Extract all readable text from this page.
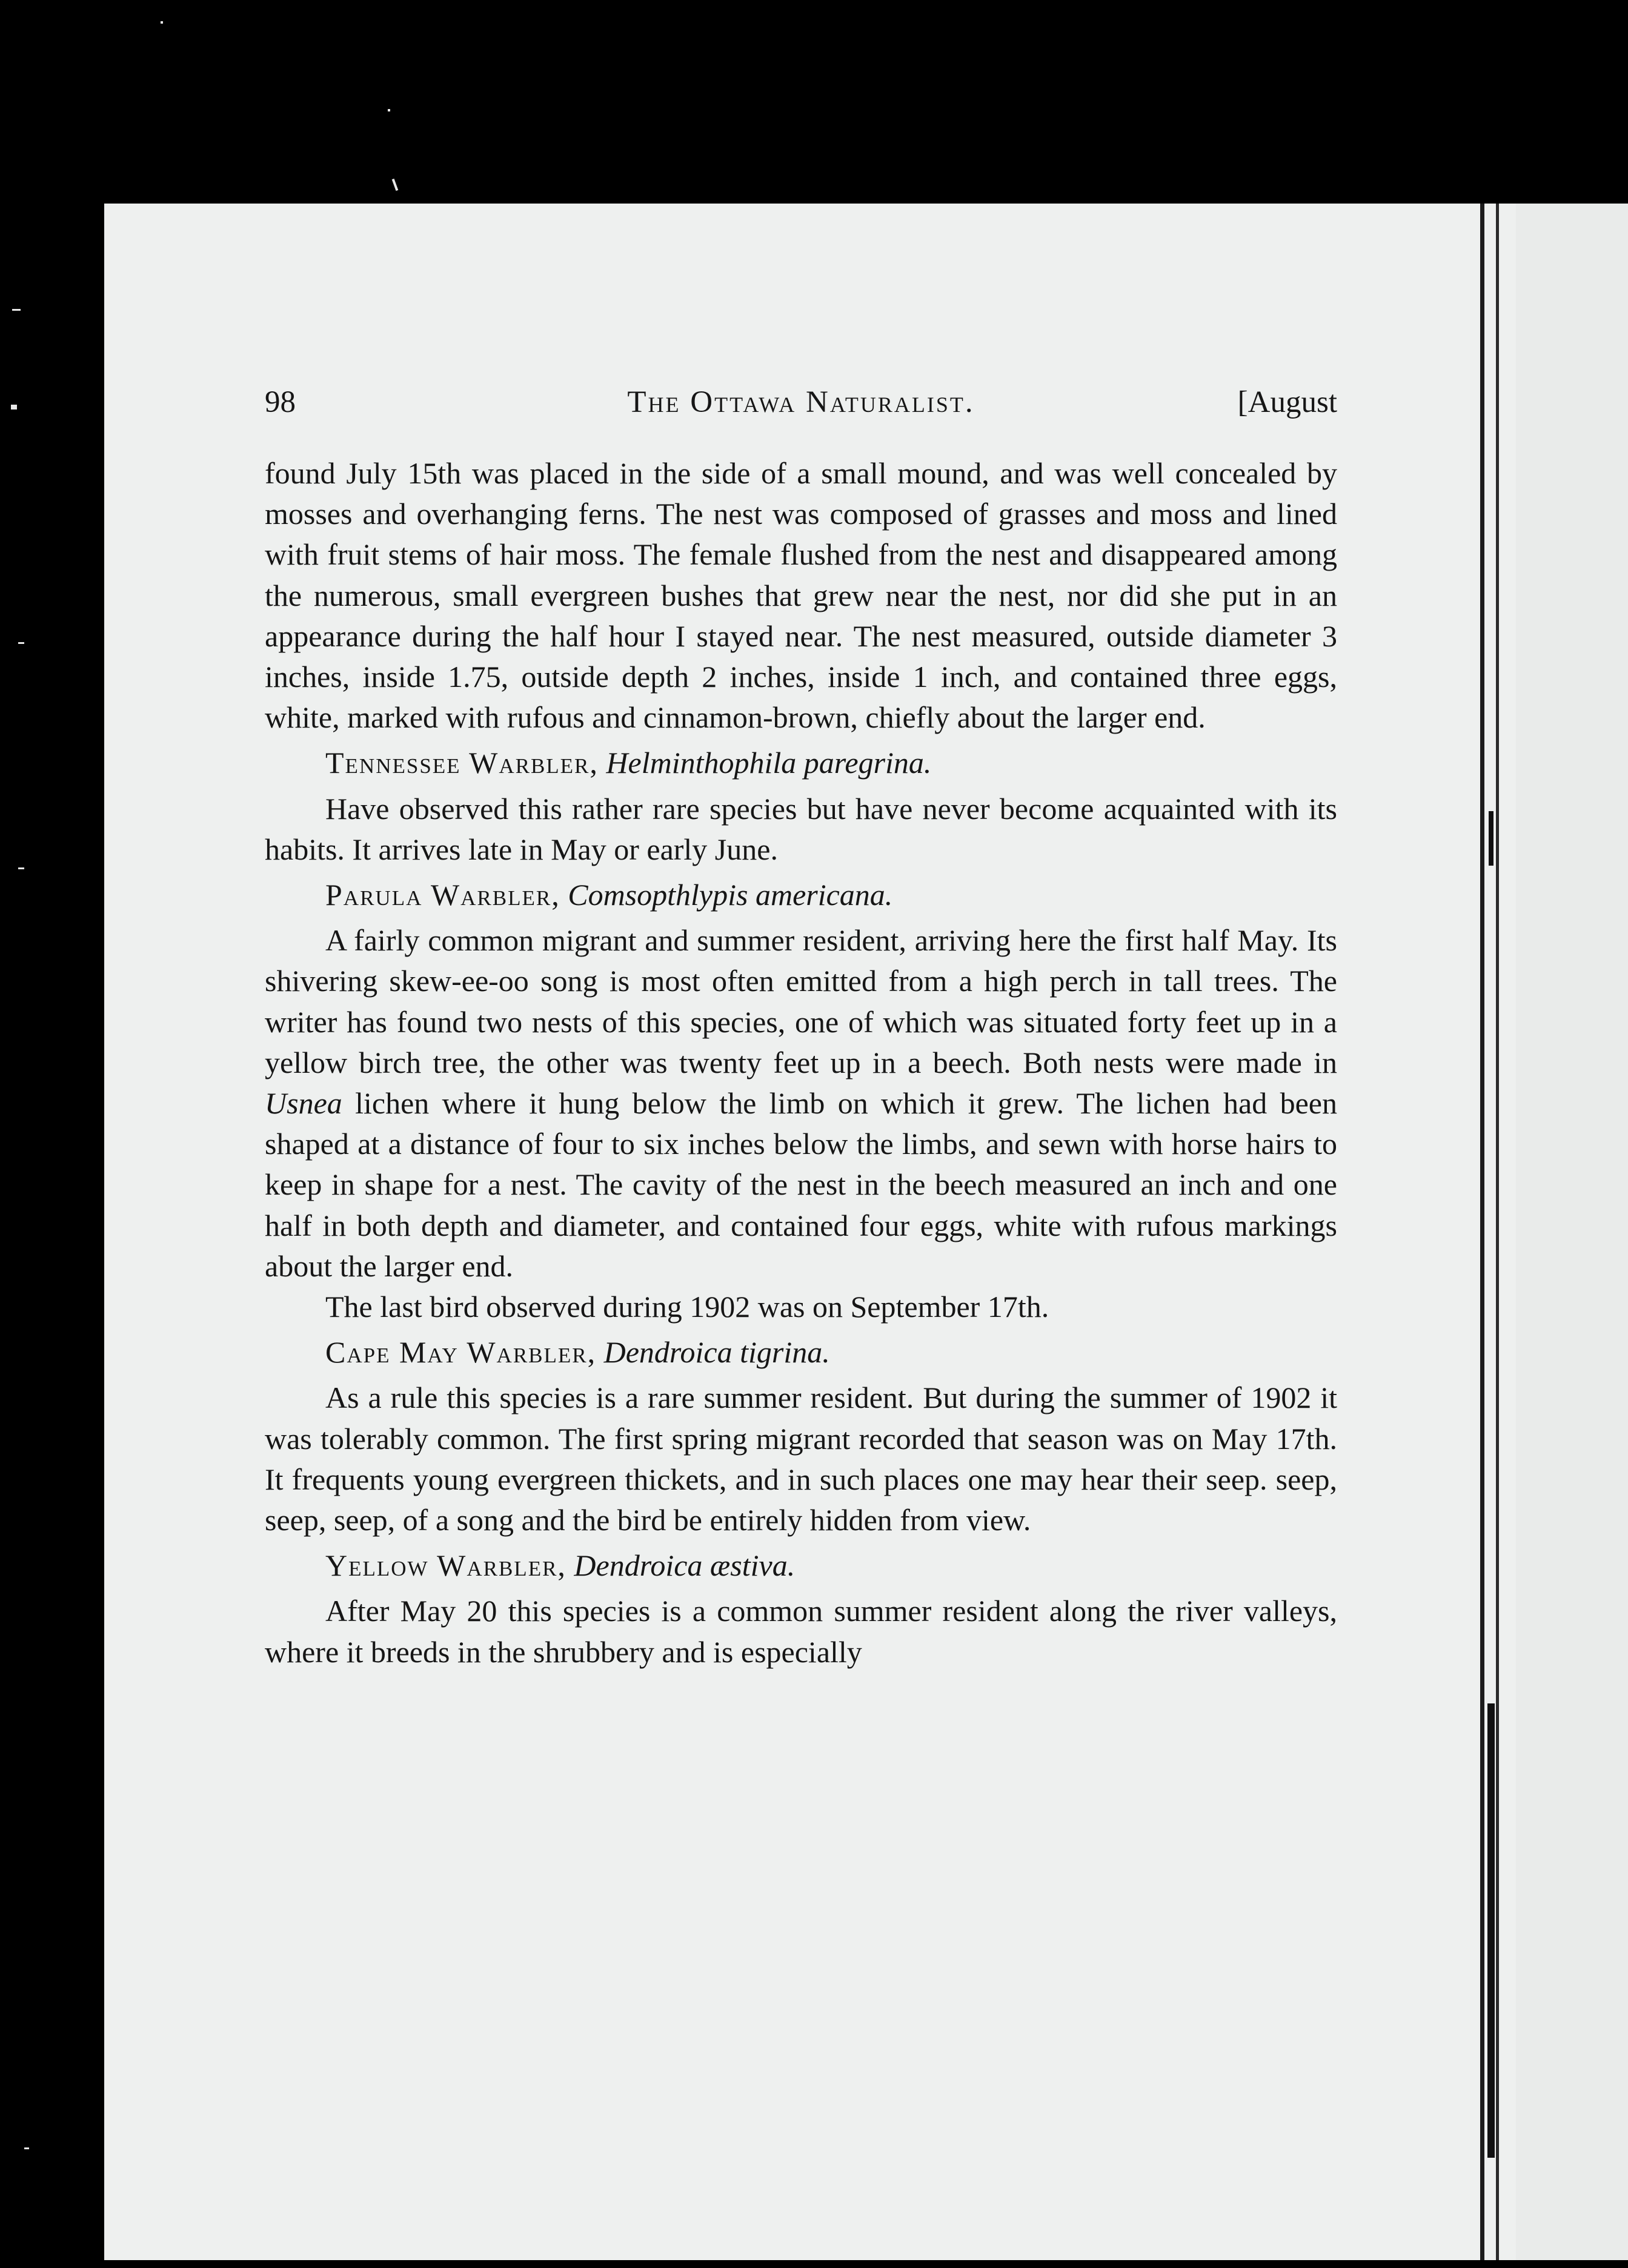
98	The Ottawa Naturalist.	[August

found July 15th was placed in the side of a small mound, and was well concealed by mosses and overhanging ferns. The nest was composed of grasses and moss and lined with fruit stems of hair moss. The female flushed from the nest and disappeared among the numerous, small evergreen bushes that grew near the nest, nor did she put in an appearance during the half hour I stayed near. The nest measured, outside diameter 3 inches, inside 1.75, outside depth 2 inches, inside 1 inch, and contained three eggs, white, marked with rufous and cinnamon-brown, chiefly about the larger end.

Tennessee Warbler, Helminthophila paregrina.

Have observed this rather rare species but have never become acquainted with its habits. It arrives late in May or early June.

Parula Warbler, Comsopthlypis americana.

A fairly common migrant and summer resident, arriving here the first half May. Its shivering skew-ee-oo song is most often emitted from a high perch in tall trees. The writer has found two nests of this species, one of which was situated forty feet up in a yellow birch tree, the other was twenty feet up in a beech. Both nests were made in Usnea lichen where it hung below the limb on which it grew. The lichen had been shaped at a distance of four to six inches below the limbs, and sewn with horse hairs to keep in shape for a nest. The cavity of the nest in the beech measured an inch and one half in both depth and diameter, and contained four eggs, white with rufous markings about the larger end.

The last bird observed during 1902 was on September 17th.

Cape May Warbler, Dendroica tigrina.

As a rule this species is a rare summer resident. But during the summer of 1902 it was tolerably common. The first spring migrant recorded that season was on May 17th. It frequents young evergreen thickets, and in such places one may hear their seep. seep, seep, seep, of a song and the bird be entirely hidden from view.

Yellow Warbler, Dendroica æstiva.

After May 20 this species is a common summer resident along the river valleys, where it breeds in the shrubbery and is especially
